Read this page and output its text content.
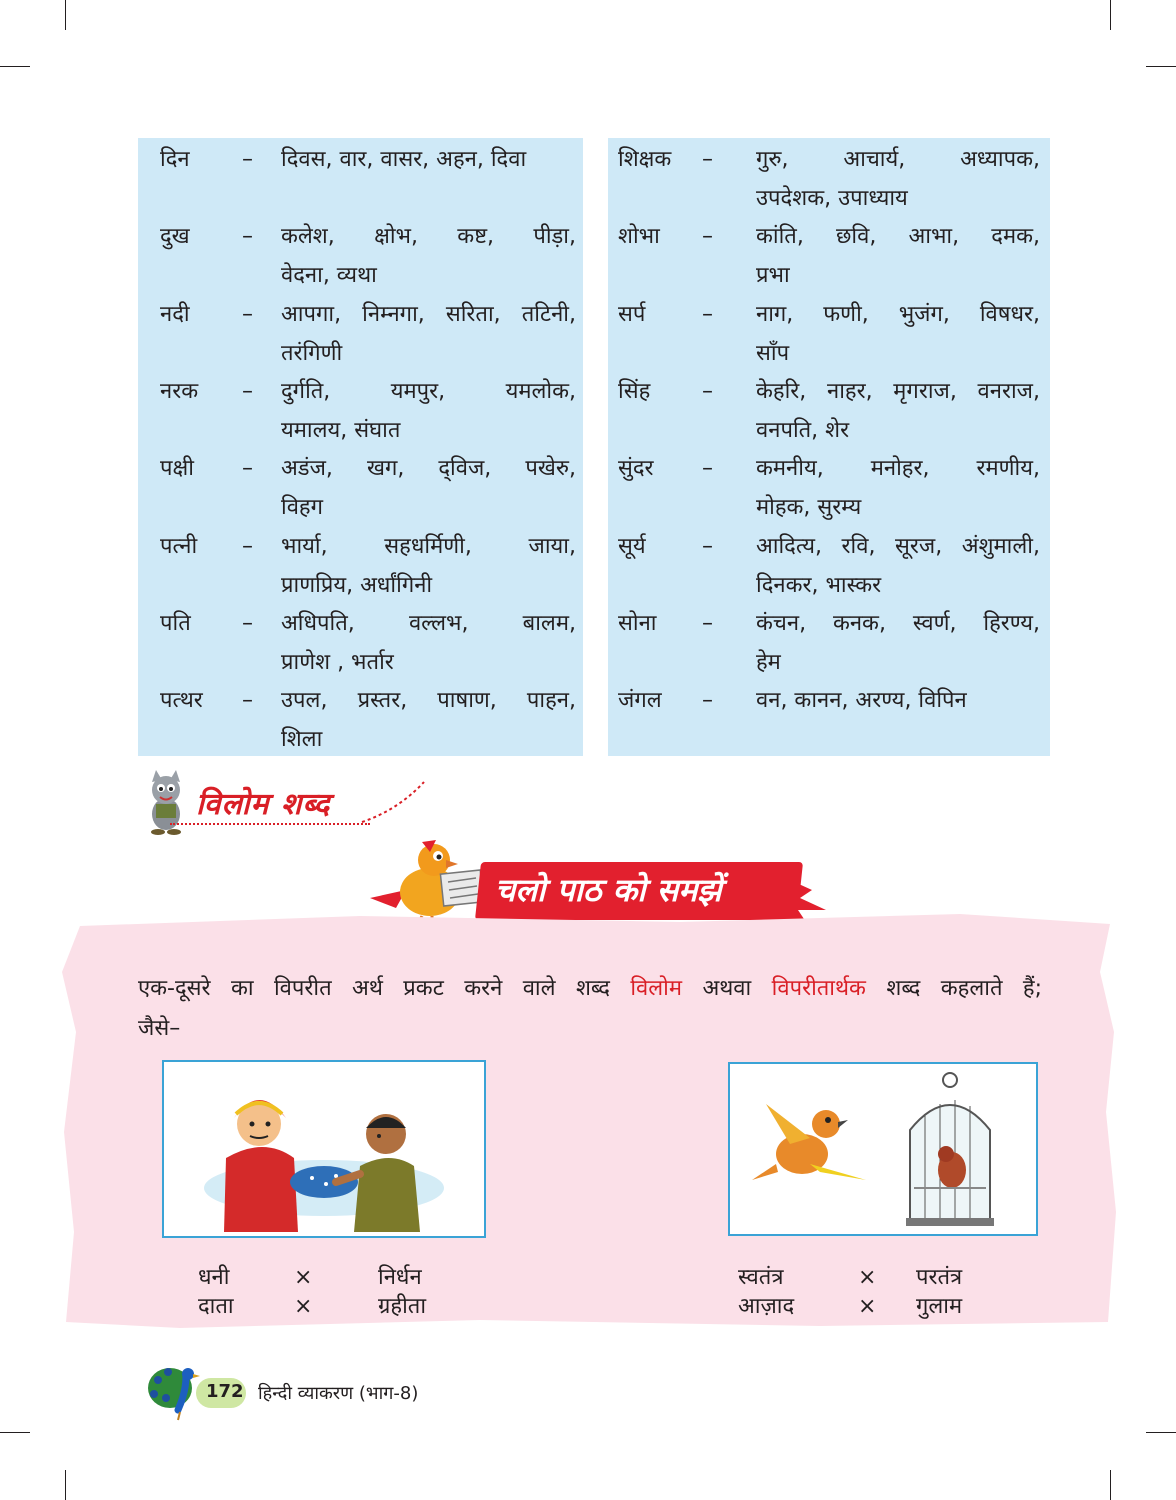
दिन – दिवस, वार, वासर, अहन, दिवा
दुख – कलेश, क्षोभ, कष्ट, पीड़ा,
वेदना, व्यथा
नदी – आपगा, निम्नगा, सरिता, तटिनी,
तरंगिणी
नरक – दुर्गति, यमपुर, यमलोक,
यमालय, संघात
पक्षी – अडंज, खग, द्‌विज, पखेरु,
विहग
पत्नी – भार्या, सहधर्मिणी, जाया,
प्राणप्रिय, अर्धांगिनी
पति – अधिपति, वल्लभ, बालम,
प्राणेश , भर्तार
पत्थर – उपल, प्रस्तर, पाषाण, पाहन,
शिला
शिक्षक – गुरु, आचार्य, अध्यापक,
उपदेशक, उपाध्याय
शोभा – कांति, छवि, आभा, दमक,
प्रभा
सर्प	– नाग, फणी, भुजंग, विषधर,
साँप
सिंह – केहरि, नाहर, मृगराज, वनराज,
वनपति, शेर
सुंदर – कमनीय, मनोहर, रमणीय,
मोहक, सुरम्य
सूर्य	– आदित्य, रवि, सूरज, अंशुमाली,
दिनकर, भास्कर
सोना – कंचन, कनक, स्वर्ण, हिरण्य,
हेम
जंगल – वन, कानन, अरण्य, विपिन
विलोम शब्द
चलो पाठ को समझें
एक-दूसरे का विपरीत अर्थ प्रकट करने वाले शब्द विलोम अथवा विपरीतार्थक शब्द कहलाते हैं;
जैसे–
धनी	×	निर्धन
दाता	×	ग्रहीता
स्वतंत्र	× परतंत्र
आज़ाद	× गुलाम
172 हिन्दी व्याकरण (भाग-8)
